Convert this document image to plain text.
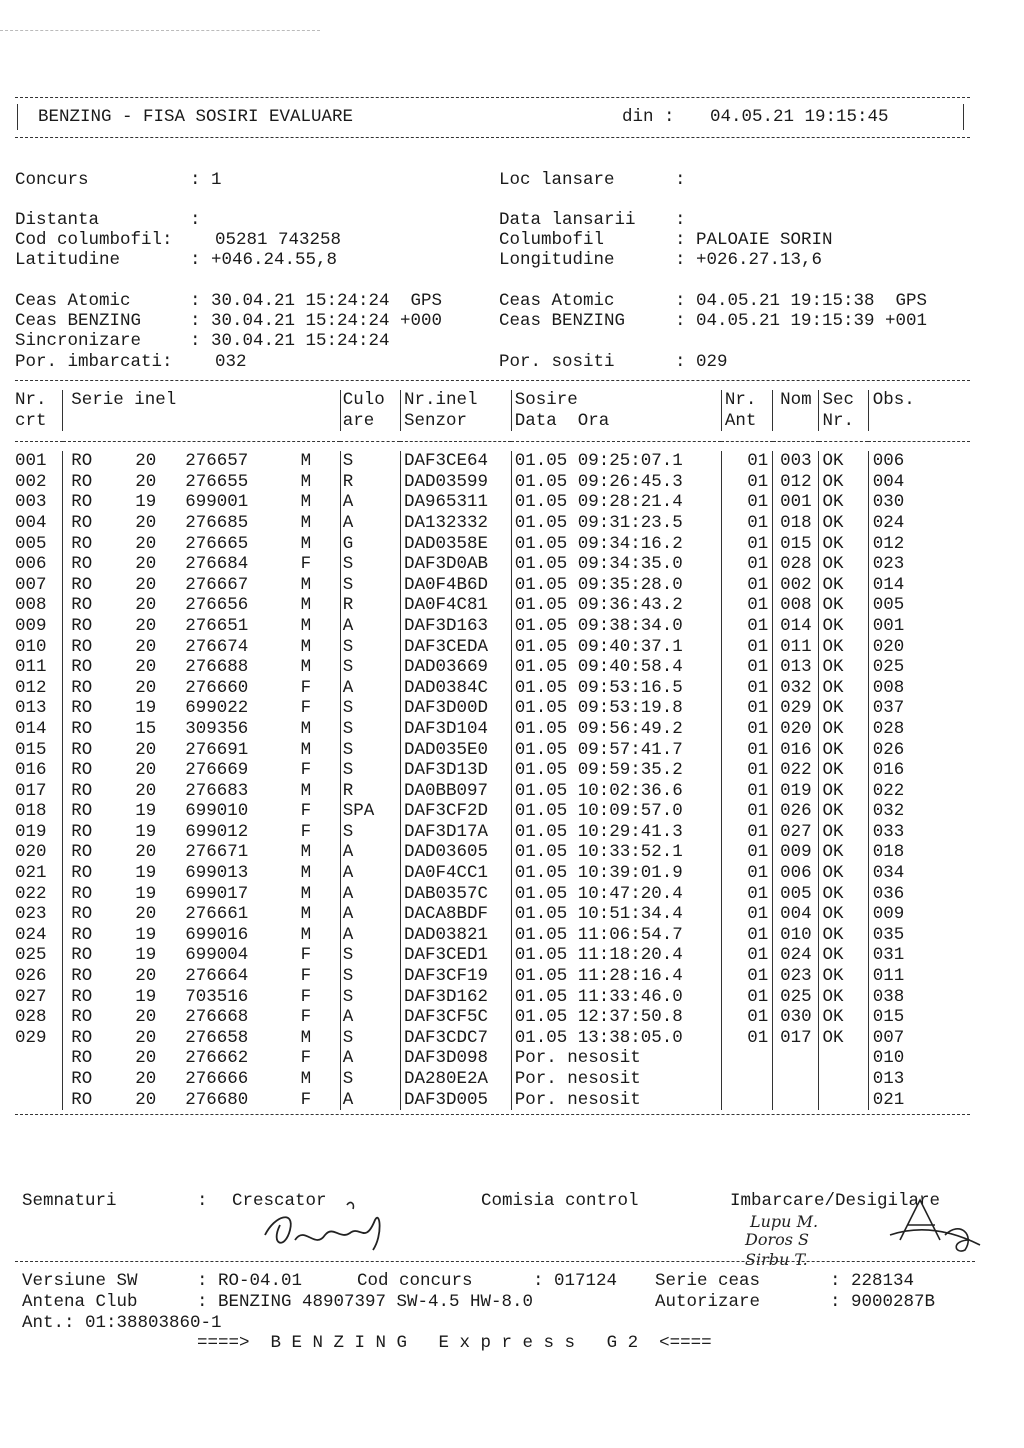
BENZING - FISA SOSIRI EVALUARE	din : 04.05.21 19:15:45
Concurs	: 1	Loc lansare	:
Distanta	:	Data lansarii :
Cod columbofil: 05281 743258	Columbofil	: PALOAIE SORIN
Latitudine	: +046.24.55,8	Longitudine	: +026.27.13,6
Ceas Atomic	: 30.04.21 15:24:24  GPS	Ceas Atomic	: 04.05.21 19:15:38  GPS
Ceas BENZING	: 30.04.21 15:24:24 +000	Ceas BENZING	: 04.05.21 19:15:39 +001
Sincronizare	: 30.04.21 15:24:24
Por. imbarcati: 032	Por. sositi	: 029
Nr.	Serie inel	Culo	Nr.inel	Sosire	Nr.	Nom	Sec	Obs.
crt		are	Senzor	Data  Ora	Ant		Nr.	

001	RO 20 276657 M	S	DAF3CE64	01.05 09:25:07.1	01	003	OK	006
002	RO 20 276655 M	R	DAD03599	01.05 09:26:45.3	01	012	OK	004
003	RO 19 699001 M	A	DA965311	01.05 09:28:21.4	01	001	OK	030
004	RO 20 276685 M	A	DA132332	01.05 09:31:23.5	01	018	OK	024
005	RO 20 276665 M	G	DAD0358E	01.05 09:34:16.2	01	015	OK	012
006	RO 20 276684 F	S	DAF3D0AB	01.05 09:34:35.0	01	028	OK	023
007	RO 20 276667 M	S	DA0F4B6D	01.05 09:35:28.0	01	002	OK	014
008	RO 20 276656 M	R	DA0F4C81	01.05 09:36:43.2	01	008	OK	005
009	RO 20 276651 M	A	DAF3D163	01.05 09:38:34.0	01	014	OK	001
010	RO 20 276674 M	S	DAF3CEDA	01.05 09:40:37.1	01	011	OK	020
011	RO 20 276688 M	S	DAD03669	01.05 09:40:58.4	01	013	OK	025
012	RO 20 276660 F	A	DAD0384C	01.05 09:53:16.5	01	032	OK	008
013	RO 19 699022 F	S	DAF3D00D	01.05 09:53:19.8	01	029	OK	037
014	RO 15 309356 M	S	DAF3D104	01.05 09:56:49.2	01	020	OK	028
015	RO 20 276691 M	S	DAD035E0	01.05 09:57:41.7	01	016	OK	026
016	RO 20 276669 F	S	DAF3D13D	01.05 09:59:35.2	01	022	OK	016
017	RO 20 276683 M	R	DA0BB097	01.05 10:02:36.6	01	019	OK	022
018	RO 19 699010 F	SPA	DAF3CF2D	01.05 10:09:57.0	01	026	OK	032
019	RO 19 699012 F	S	DAF3D17A	01.05 10:29:41.3	01	027	OK	033
020	RO 20 276671 M	A	DAD03605	01.05 10:33:52.1	01	009	OK	018
021	RO 19 699013 M	A	DA0F4CC1	01.05 10:39:01.9	01	006	OK	034
022	RO 19 699017 M	A	DAB0357C	01.05 10:47:20.4	01	005	OK	036
023	RO 20 276661 M	A	DACA8BDF	01.05 10:51:34.4	01	004	OK	009
024	RO 19 699016 M	A	DAD03821	01.05 11:06:54.7	01	010	OK	035
025	RO 19 699004 F	S	DAF3CED1	01.05 11:18:20.4	01	024	OK	031
026	RO 20 276664 F	S	DAF3CF19	01.05 11:28:16.4	01	023	OK	011
027	RO 19 703516 F	S	DAF3D162	01.05 11:33:46.0	01	025	OK	038
028	RO 20 276668 F	A	DAF3CF5C	01.05 12:37:50.8	01	030	OK	015
029	RO 20 276658 M	S	DAF3CDC7	01.05 13:38:05.0	01	017	OK	007
	RO 20 276662 F	A	DAF3D098	Por. nesosit				010
	RO 20 276666 M	S	DA280E2A	Por. nesosit				013
	RO 20 276680 F	A	DAF3D005	Por. nesosit				021
Semnaturi	: Crescator	Comisia control	Imbarcare/Desigilare
Lupu M.
Doros S
Sirbu T.
Versiune SW	: RO-04.01	Cod concurs	: 017124 Serie ceas	: 228134
Antena Club	: BENZING 48907397 SW-4.5 HW-8.0	Autorizare	: 9000287B
Ant.: 01:38803860-1
====>  B E N Z I N G   E x p r e s s   G 2  <====
